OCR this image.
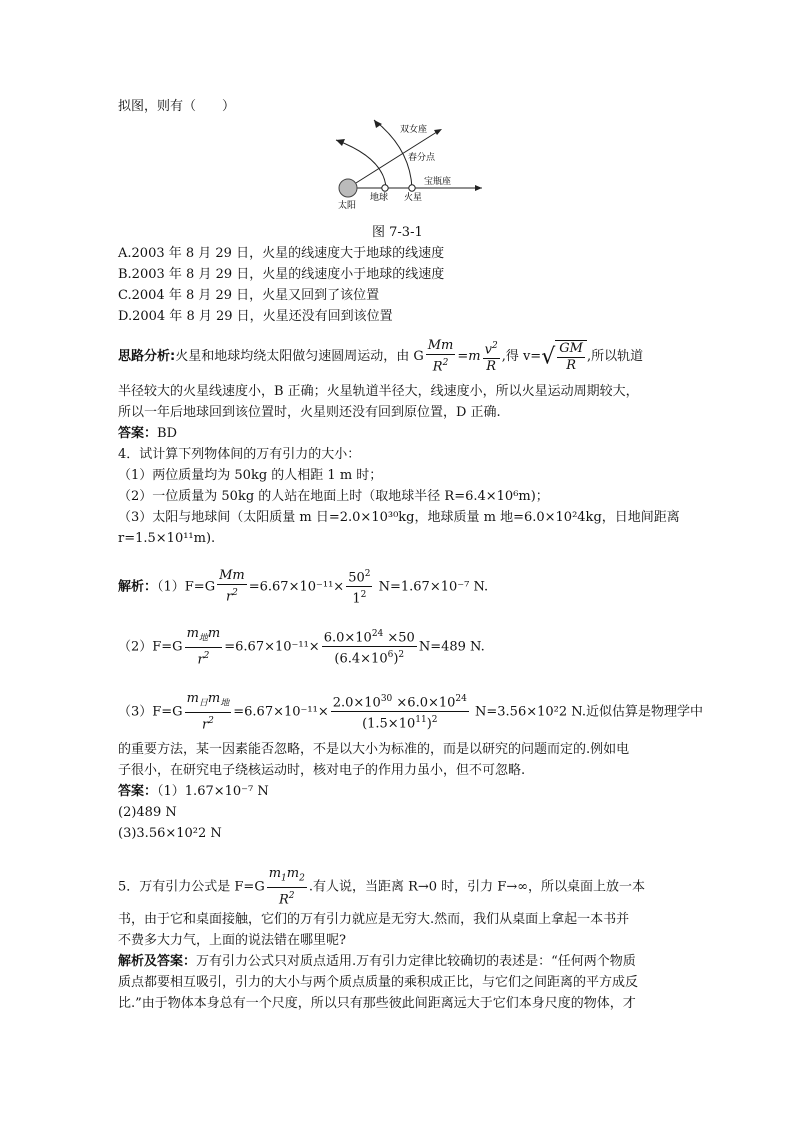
拟图，则有（　　）
双女座
春分点
宝瓶座
太阳
地球 火星
图 7-3-1
A.2003 年 8 月 29 日，火星的线速度大于地球的线速度
B.2003 年 8 月 29 日，火星的线速度小于地球的线速度
C.2004 年 8 月 29 日，火星又回到了该位置
D.2004 年 8 月 29 日，火星还没有回到该位置
思路分析:火星和地球均绕太阳做匀速圆周运动，由 G $\frac{Mm}{R^2} =m \frac{v^2}{R}$ ,得 $v=√ \frac{GM}{R}$ ,所以轨道
半径较大的火星线速度小，B 正确；火星轨道半径大，线速度小，所以火星运动周期较大，
所以一年后地球回到该位置时，火星则还没有回到原位置，D 正确.
答案：BD
4．试计算下列物体间的万有引力的大小：
（1）两位质量均为 50kg 的人相距 1 m 时；
（2）一位质量为 50kg 的人站在地面上时（取地球半径 R=6.4×10⁶m)；
（3）太阳与地球间（太阳质量 m 日=2.0×10³⁰kg，地球质量 m 地=6.0×10²4kg，日地间距离
r=1.5×10¹¹m).
解析：$(1)F=G \frac{Mm}{r^2} =6.67\times 10^{-11}\times \frac{50^2}{1^2} N=1.67\times 10^{-7}$ N.
$(2)F=G \frac{m_地m}{r^2} =6.67\times 10^{-11}\times \frac{6.0\times 10^{24} \times 50}{(6.4\times 10^6)^2} N=489$ N.
$(3)F=G \frac{m_日m_地}{r^2} =6.67\times 10^{-11}\times \frac{2.0\times 10^{30} \times 6.0\times 10^{24}}{(1.5\times 10^{11})^2} N=3.56\times 10^22$ N.近似估算是物理学中
的重要方法，某一因素能否忽略，不是以大小为标准的，而是以研究的问题而定的.例如电
子很小，在研究电子绕核运动时，核对电子的作用力虽小，但不可忽略.
答案：（1）1.67×10⁻⁷ N
(2)489 N
(3)3.56×10²2 N
5．万有引力公式是 $F=G \frac{m_1m_2}{R^2}$ .有人说，当距离 R→0 时，引力 F→∞，所以桌面上放一本
书，由于它和桌面接触，它们的万有引力就应是无穷大.然而，我们从桌面上拿起一本书并
不费多大力气，上面的说法错在哪里呢?
解析及答案：万有引力公式只对质点适用.万有引力定律比较确切的表述是：“任何两个物质
质点都要相互吸引，引力的大小与两个质点质量的乘积成正比，与它们之间距离的平方成反
比.”由于物体本身总有一个尺度，所以只有那些彼此间距离远大于它们本身尺度的物体，才
